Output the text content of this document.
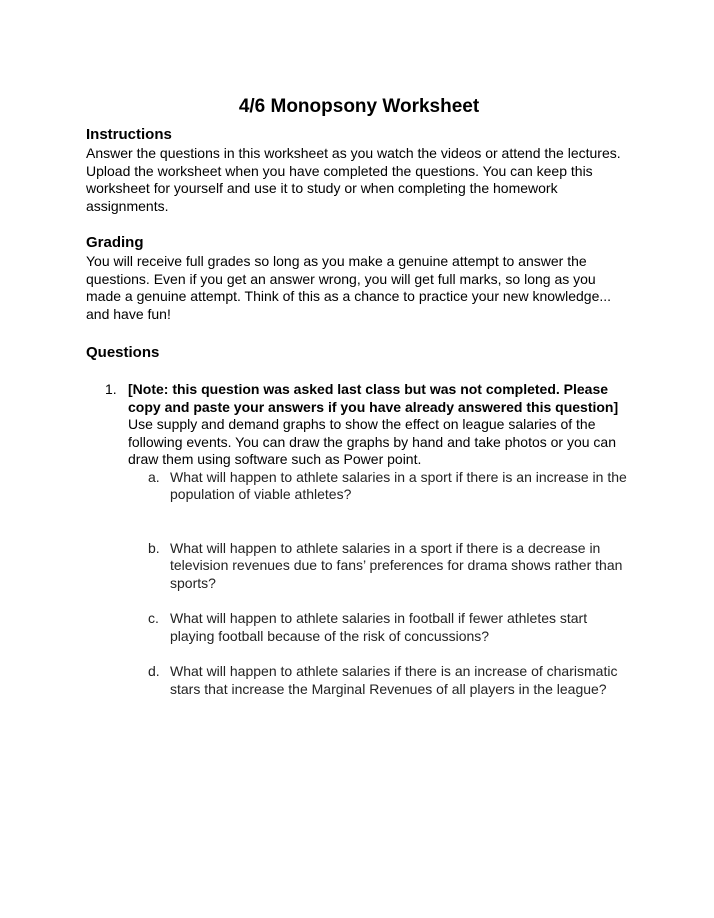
4/6 Monopsony Worksheet
Instructions

Answer the questions in this worksheet as you watch the videos or attend the lectures. Upload the worksheet when you have completed the questions. You can keep this worksheet for yourself and use it to study or when completing the homework assignments.

Grading

You will receive full grades so long as you make a genuine attempt to answer the questions. Even if you get an answer wrong, you will get full marks, so long as you made a genuine attempt. Think of this as a chance to practice your new knowledge... and have fun!

Questions
1. [Note: this question was asked last class but was not completed. Please copy and paste your answers if you have already answered this question]
Use supply and demand graphs to show the effect on league salaries of the following events. You can draw the graphs by hand and take photos or you can draw them using software such as Power point.
a. What will happen to athlete salaries in a sport if there is an increase in the population of viable athletes?
b. What will happen to athlete salaries in a sport if there is a decrease in television revenues due to fans’ preferences for drama shows rather than sports?
c. What will happen to athlete salaries in football if fewer athletes start playing football because of the risk of concussions?
d. What will happen to athlete salaries if there is an increase of charismatic stars that increase the Marginal Revenues of all players in the league?
